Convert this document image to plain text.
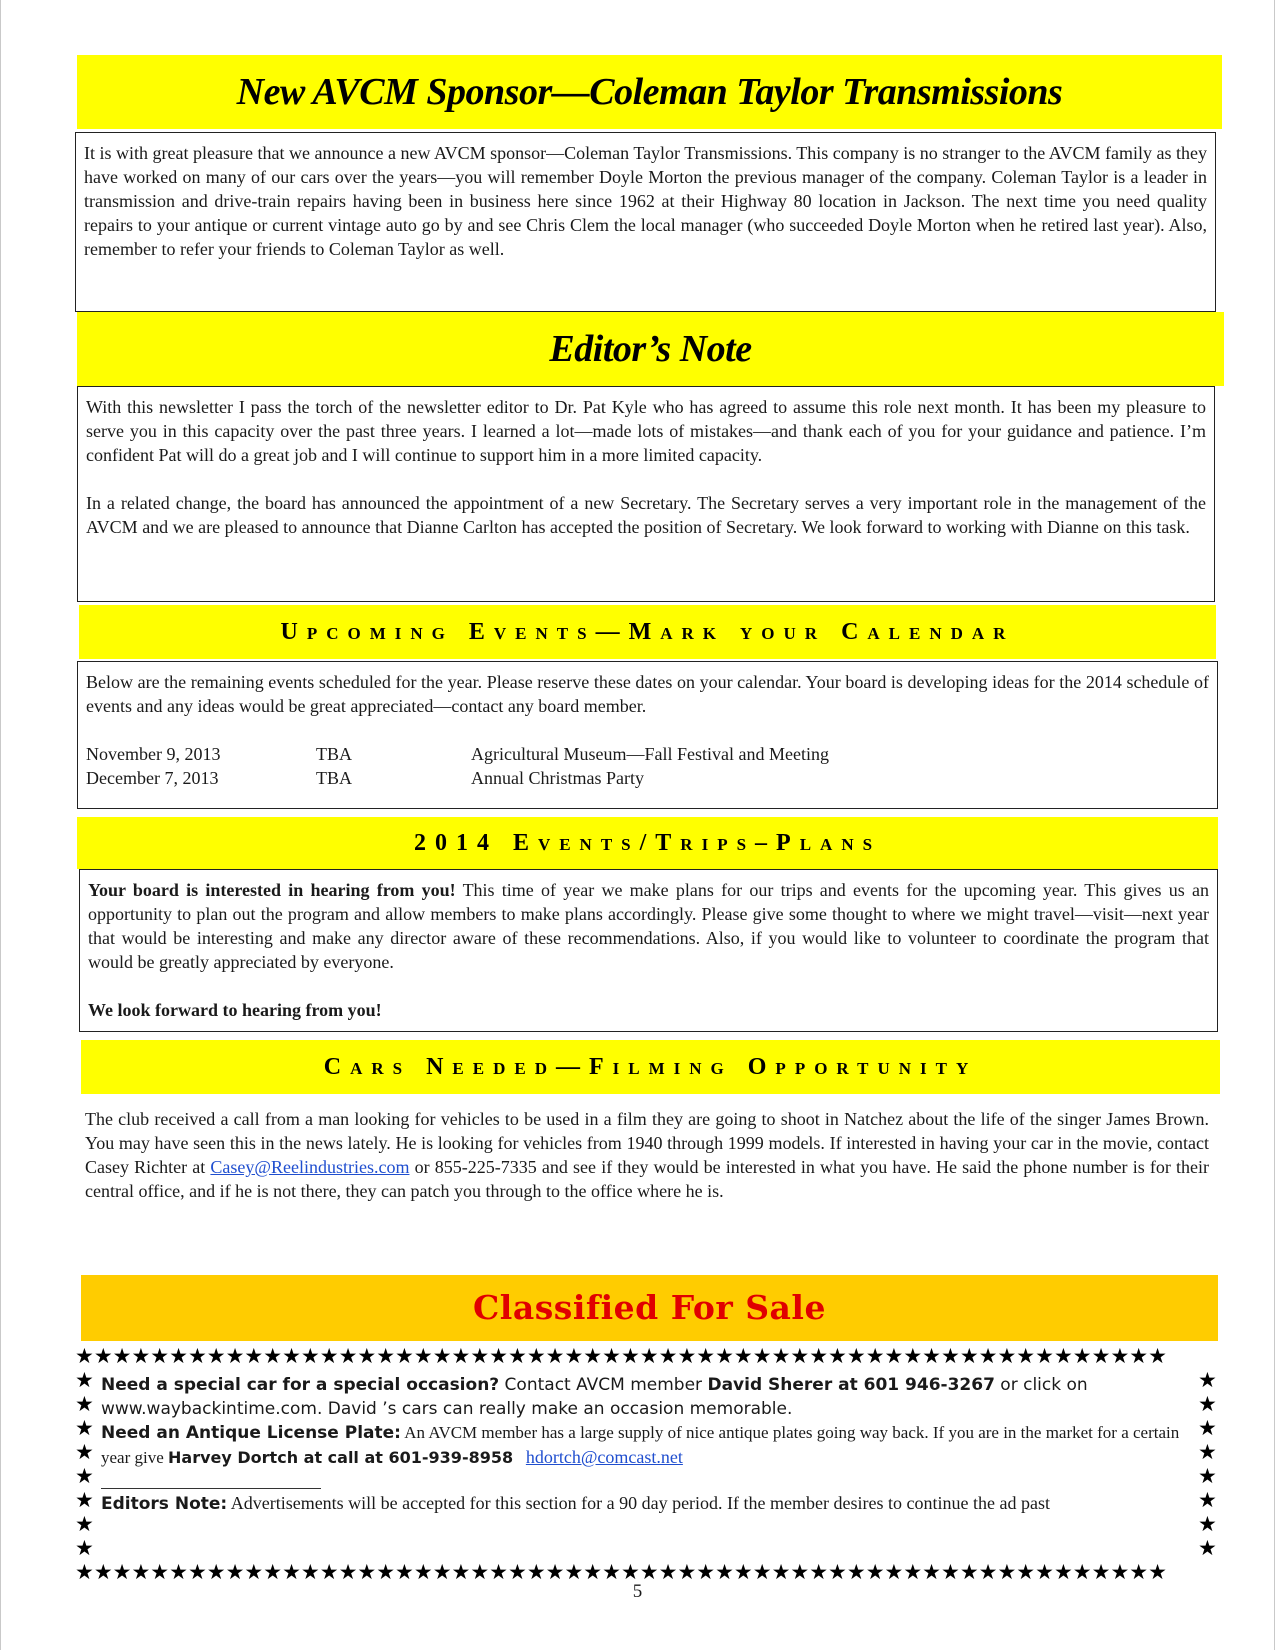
New AVCM Sponsor—Coleman Taylor Transmissions

It is with great pleasure that we announce a new AVCM sponsor—Coleman Taylor Transmissions. This company is no stranger to the AVCM family as they have worked on many of our cars over the years—you will remember Doyle Morton the previous manager of the company. Coleman Taylor is a leader in transmission and drive-train repairs having been in business here since 1962 at their Highway 80 location in Jackson. The next time you need quality repairs to your antique or current vintage auto go by and see Chris Clem the local manager (who succeeded Doyle Morton when he retired last year). Also, remember to refer your friends to Coleman Taylor as well.

Editor’s Note

With this newsletter I pass the torch of the newsletter editor to Dr. Pat Kyle who has agreed to assume this role next month. It has been my pleasure to serve you in this capacity over the past three years. I learned a lot—made lots of mistakes—and thank each of you for your guidance and patience. I’m confident Pat will do a great job and I will continue to support him in a more limited capacity.

In a related change, the board has announced the appointment of a new Secretary. The Secretary serves a very important role in the management of the AVCM and we are pleased to announce that Dianne Carlton has accepted the position of Secretary. We look forward to working with Dianne on this task.

Upcoming Events—Mark your Calendar

Below are the remaining events scheduled for the year. Please reserve these dates on your calendar. Your board is developing ideas for the 2014 schedule of events and any ideas would be great appreciated—contact any board member.

November 9, 2013	TBA	Agricultural Museum—Fall Festival and Meeting
December 7, 2013	TBA	Annual Christmas Party
2014 Events/Trips–Plans

Your board is interested in hearing from you! This time of year we make plans for our trips and events for the upcoming year. This gives us an opportunity to plan out the program and allow members to make plans accordingly. Please give some thought to where we might travel—visit—next year that would be interesting and make any director aware of these recommendations. Also, if you would like to volunteer to coordinate the program that would be greatly appreciated by everyone.

We look forward to hearing from you!

Cars Needed—Filming Opportunity
The club received a call from a man looking for vehicles to be used in a film they are going to shoot in Natchez about the life of the singer James Brown. You may have seen this in the news lately. He is looking for vehicles from 1940 through 1999 models. If interested in having your car in the movie, contact Casey Richter at Casey@Reelindustries.com or 855-225-7335 and see if they would be interested in what you have. He said the phone number is for their central office, and if he is not there, they can patch you through to the office where he is.
Classified For Sale
★★★★★★★★★★★★★★★★★★★★★★★★★★★★★★★★★★★★★★★★★★★★★★★★★★★★★★★★★★
★
★
★
★
★
★
★
★
★
★
★
★
★
★
★
★
★★★★★★★★★★★★★★★★★★★★★★★★★★★★★★★★★★★★★★★★★★★★★★★★★★★★★★★★★★
Need a special car for a special occasion? Contact AVCM member David Sherer at 601 946-3267 or click on www.waybackintime.com. David ’s cars can really make an occasion memorable.
Need an Antique License Plate: An AVCM member has a large supply of nice antique plates going way back. If you are in the market for a certain year give Harvey Dortch at call at 601-939-8958 hdortch@comcast.net
Editors Note: Advertisements will be accepted for this section for a 90 day period. If the member desires to continue the ad past
5
